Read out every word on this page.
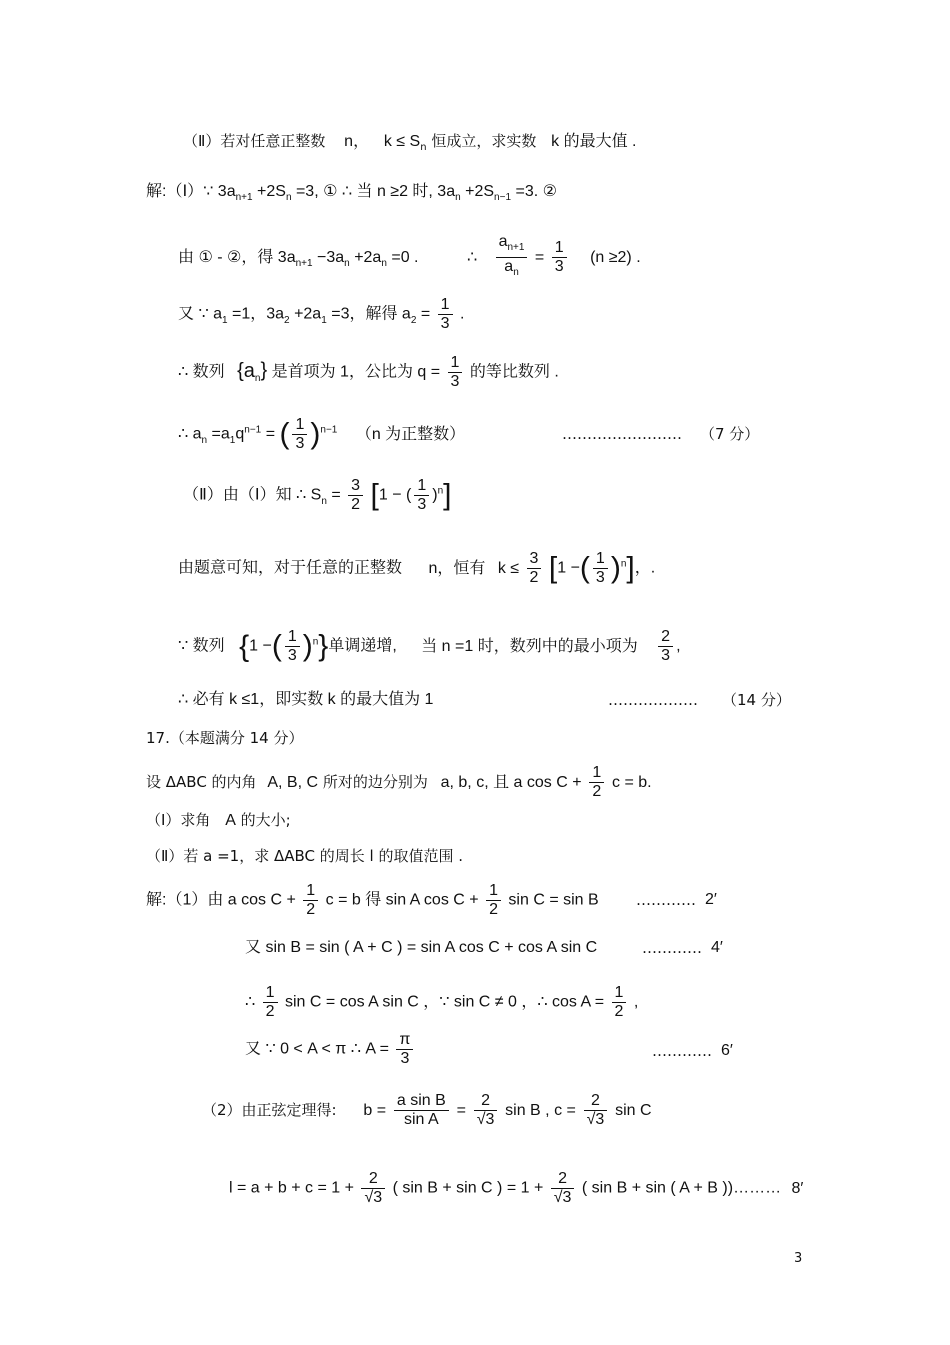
（Ⅱ）若对任意正整数 n， $k \le S_n$ 恒成立，求实数 k 的最大值 .
解:（Ⅰ）∵ $3a_{n+1} +2S_n =3$, ① ∴ 当 n ≥2 时, $3a_n +2S_{n-1} =3$. ②
由 ① - ②，得 $3a_{n+1} -3a_n +2a_n =0$ .	∴ $\frac{a_{n+1}}{a_n} = \frac{1}{3} (n \ge 2)$ .
又 ∵ $a_1 =1$，$3a_2 +2a_1 =3$，解得 $a_2 = \frac{1}{3}$ .
∴ 数列 $\{a_n\}$ 是首项为 1，公比为 $q = \frac{1}{3}$ 的等比数列 .
∴ $a_n =a_1q^{n-1}$ = ( $\frac{1}{3} )^{n-1}$ （n 为正整数）	…………………… （7 分）
（Ⅱ）由（Ⅰ）知 ∴ $S_n = \frac{3}{2} [1$ − ( $\frac{1}{3} )^n$]
由题意可知，对于任意的正整数 n，恒有 $k \le \frac{3}{2} [1$ −( $\frac{1}{3} )^n$]，.
∵ 数列 {1 −( $\frac{1}{3} )^n$}单调递增, 当 n =1 时，数列中的最小项为 $\frac{2}{3}$ ,
∴ 必有 k ≤1，即实数 k 的最大值为 1	……………… （14 分）
17.（本题满分 14 分）
设 ΔABC 的内角 A, B, C 所对的边分别为 a, b, c, 且 a $\cos C + \frac{1}{2}$ c = b.
（Ⅰ）求角 A 的大小;
（Ⅱ）若 a =1，求 ΔABC 的周长 l 的取值范围 .
解:（1）由 a $\cos C + \frac{1}{2}$ c = b 得 sin A $\cos C + \frac{1}{2}$ sin C = sin B ………… 2′
又 sin B = sin ( A + C ) = sin A cos C + cos A sin C	………… 4′
∴ $\frac{1}{2}$ sin C = cos A sin C ，∵ sin C ≠ 0 ，∴ $\cos A = \frac{1}{2}$ ,
又 ∵ 0 < A < π ∴ $A = \frac{\pi}{3}$	………… 6′
（2）由正弦定理得: $b = \frac{\text{a sin B}}{\text{sin A}} = \frac{2}{√3}$ sin B , $c = \frac{2}{√3}$ sin C
$l = a + b + c = 1 + \frac{2}{√3}$ ( sin B + sin C ) = $1 + \frac{2}{√3}$ ( sin B + sin ( A + B ))……… 8′
3
